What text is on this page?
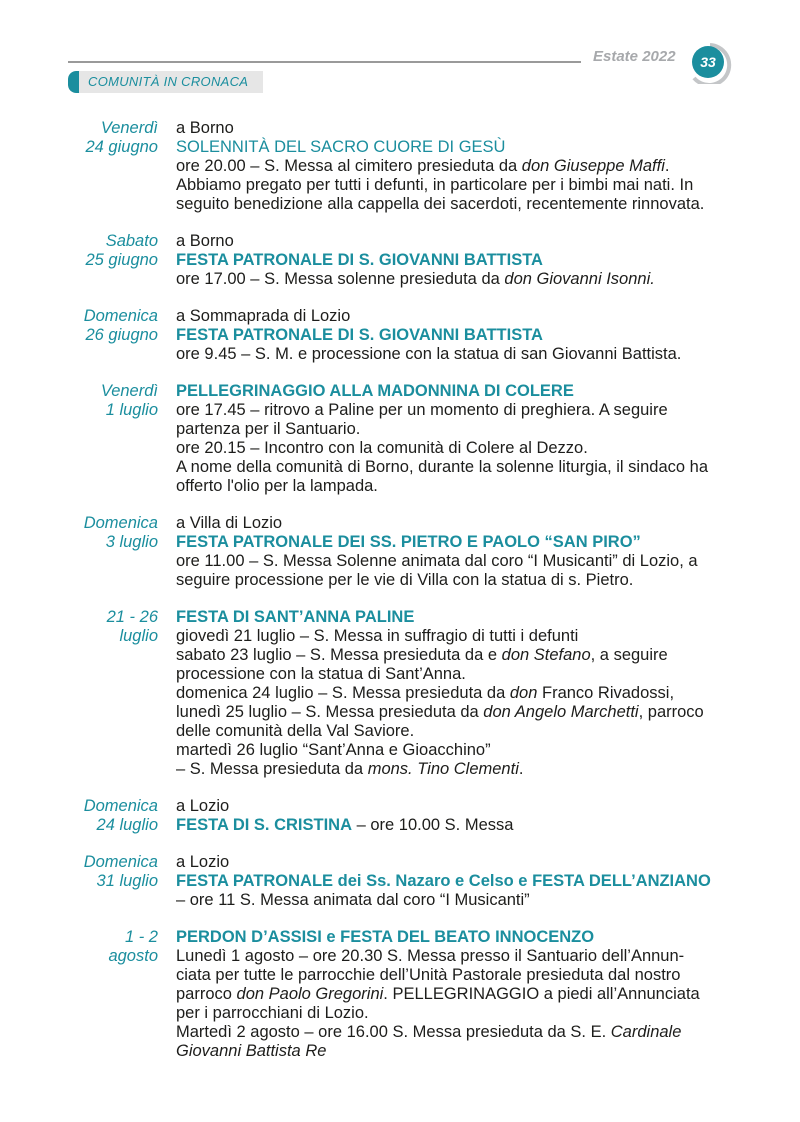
Estate 2022 33
COMUNITÀ IN CRONACA
Venerdì
24 giugno
a Borno
SOLENNITÀ DEL SACRO CUORE DI GESÙ
ore 20.00 – S. Messa al cimitero presieduta da don Giuseppe Maffi.
Abbiamo pregato per tutti i defunti, in particolare per i bimbi mai nati. In
seguito benedizione alla cappella dei sacerdoti, recentemente rinnovata.
Sabato
25 giugno
a Borno
FESTA PATRONALE DI S. GIOVANNI BATTISTA
ore 17.00 – S. Messa solenne presieduta da don Giovanni Isonni.
Domenica
26 giugno
a Sommaprada di Lozio
FESTA PATRONALE DI S. GIOVANNI BATTISTA
ore 9.45 – S. M. e processione con la statua di san Giovanni Battista.
Venerdì
1 luglio
PELLEGRINAGGIO ALLA MADONNINA DI COLERE
ore 17.45 – ritrovo a Paline per un momento di preghiera. A seguire
partenza per il Santuario.
ore 20.15 – Incontro con la comunità di Colere al Dezzo.
A nome della comunità di Borno, durante la solenne liturgia, il sindaco ha
offerto l'olio per la lampada.
Domenica
3 luglio
a Villa di Lozio
FESTA PATRONALE DEI SS. PIETRO E PAOLO “SAN PIRO”
ore 11.00 – S. Messa Solenne animata dal coro “I Musicanti” di Lozio, a
seguire processione per le vie di Villa con la statua di s. Pietro.
21 - 26
luglio
FESTA DI SANT’ANNA PALINE
giovedì 21 luglio – S. Messa in suffragio di tutti i defunti
sabato 23 luglio – S. Messa presieduta da e don Stefano, a seguire
processione con la statua di Sant’Anna.
domenica 24 luglio – S. Messa presieduta da don Franco Rivadossi,
lunedì 25 luglio – S. Messa presieduta da don Angelo Marchetti, parroco
delle comunità della Val Saviore.
martedì 26 luglio “Sant’Anna e Gioacchino”
– S. Messa presieduta da mons. Tino Clementi.
Domenica
24 luglio
a Lozio
FESTA DI S. CRISTINA – ore 10.00 S. Messa
Domenica
31 luglio
a Lozio
FESTA PATRONALE dei Ss. Nazaro e Celso e FESTA DELL’ANZIANO
– ore 11 S. Messa animata dal coro “I Musicanti”
1 - 2
agosto
PERDON D’ASSISI e FESTA DEL BEATO INNOCENZO
Lunedì 1 agosto – ore 20.30 S. Messa presso il Santuario dell’Annun-
ciata per tutte le parrocchie dell’Unità Pastorale presieduta dal nostro
parroco don Paolo Gregorini. PELLEGRINAGGIO a piedi all’Annunciata
per i parrocchiani di Lozio.
Martedì 2 agosto – ore 16.00 S. Messa presieduta da S. E. Cardinale
Giovanni Battista Re
